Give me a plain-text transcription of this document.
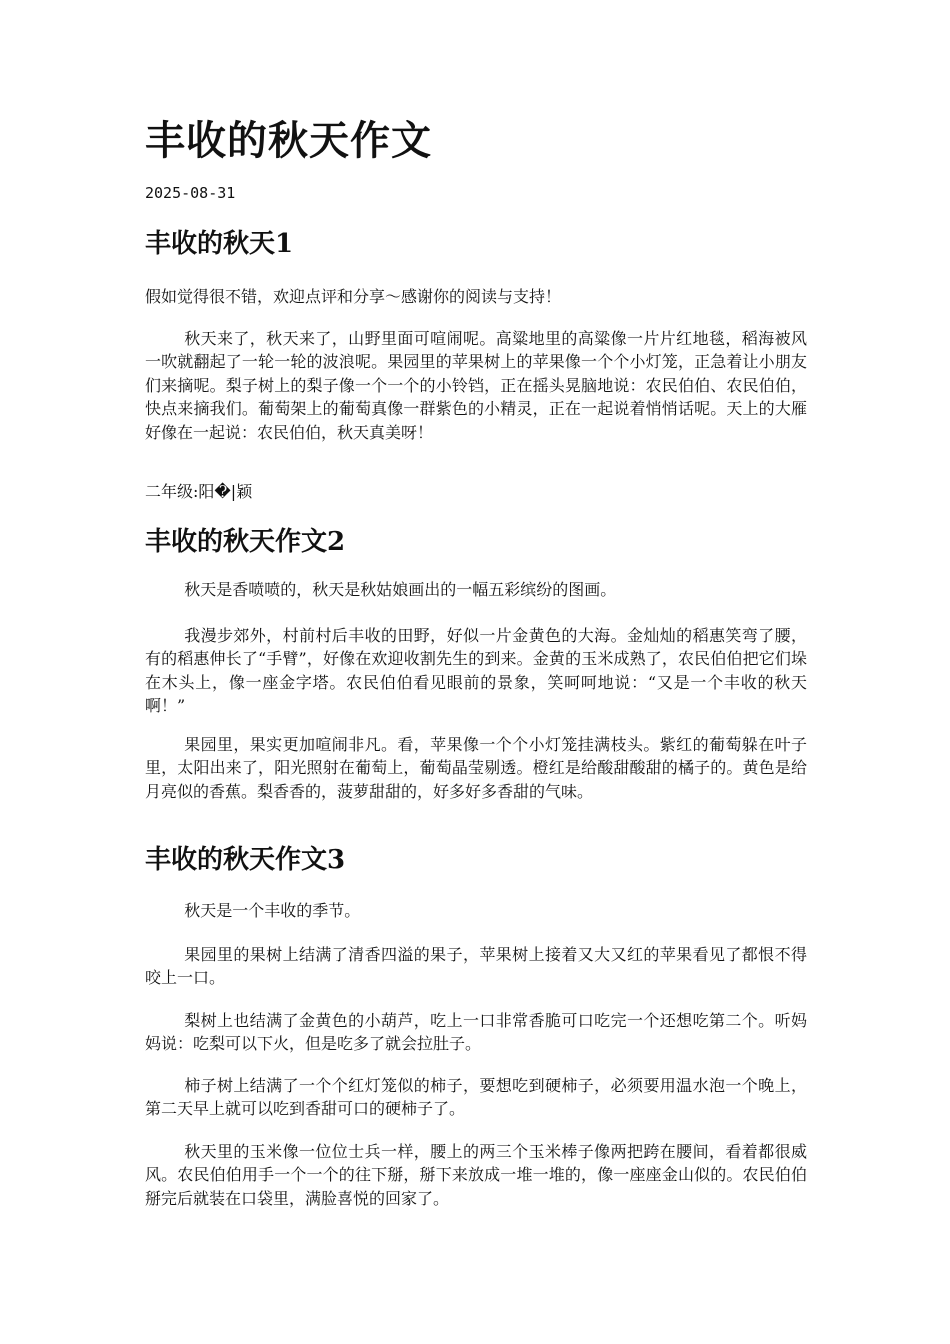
丰收的秋天作文
2025-08-31
丰收的秋天1

假如觉得很不错，欢迎点评和分享～感谢你的阅读与支持！

秋天来了，秋天来了，山野里面可喧闹呢。高粱地里的高粱像一片片红地毯，稻海被风一吹就翻起了一轮一轮的波浪呢。果园里的苹果树上的苹果像一个个小灯笼，正急着让小朋友们来摘呢。梨子树上的梨子像一个一个的小铃铛，正在摇头晃脑地说：农民伯伯、农民伯伯，快点来摘我们。葡萄架上的葡萄真像一群紫色的小精灵，正在一起说着悄悄话呢。天上的大雁好像在一起说：农民伯伯，秋天真美呀！

二年级:阳�|颖

丰收的秋天作文2

秋天是香喷喷的，秋天是秋姑娘画出的一幅五彩缤纷的图画。

我漫步郊外，村前村后丰收的田野，好似一片金黄色的大海。金灿灿的稻惠笑弯了腰，有的稻惠伸长了“手臂”，好像在欢迎收割先生的到来。金黄的玉米成熟了，农民伯伯把它们垛在木头上，像一座金字塔。农民伯伯看见眼前的景象，笑呵呵地说：“又是一个丰收的秋天啊！”

果园里，果实更加喧闹非凡。看，苹果像一个个小灯笼挂满枝头。紫红的葡萄躲在叶子里，太阳出来了，阳光照射在葡萄上，葡萄晶莹剔透。橙红是给酸甜酸甜的橘子的。黄色是给月亮似的香蕉。梨香香的，菠萝甜甜的，好多好多香甜的气味。

丰收的秋天作文3

秋天是一个丰收的季节。

果园里的果树上结满了清香四溢的果子，苹果树上接着又大又红的苹果看见了都恨不得咬上一口。

梨树上也结满了金黄色的小葫芦，吃上一口非常香脆可口吃完一个还想吃第二个。听妈妈说：吃梨可以下火，但是吃多了就会拉肚子。

柿子树上结满了一个个红灯笼似的柿子，要想吃到硬柿子，必须要用温水泡一个晚上，第二天早上就可以吃到香甜可口的硬柿子了。

秋天里的玉米像一位位士兵一样，腰上的两三个玉米棒子像两把跨在腰间，看着都很威风。农民伯伯用手一个一个的往下掰，掰下来放成一堆一堆的，像一座座金山似的。农民伯伯掰完后就装在口袋里，满脸喜悦的回家了。
